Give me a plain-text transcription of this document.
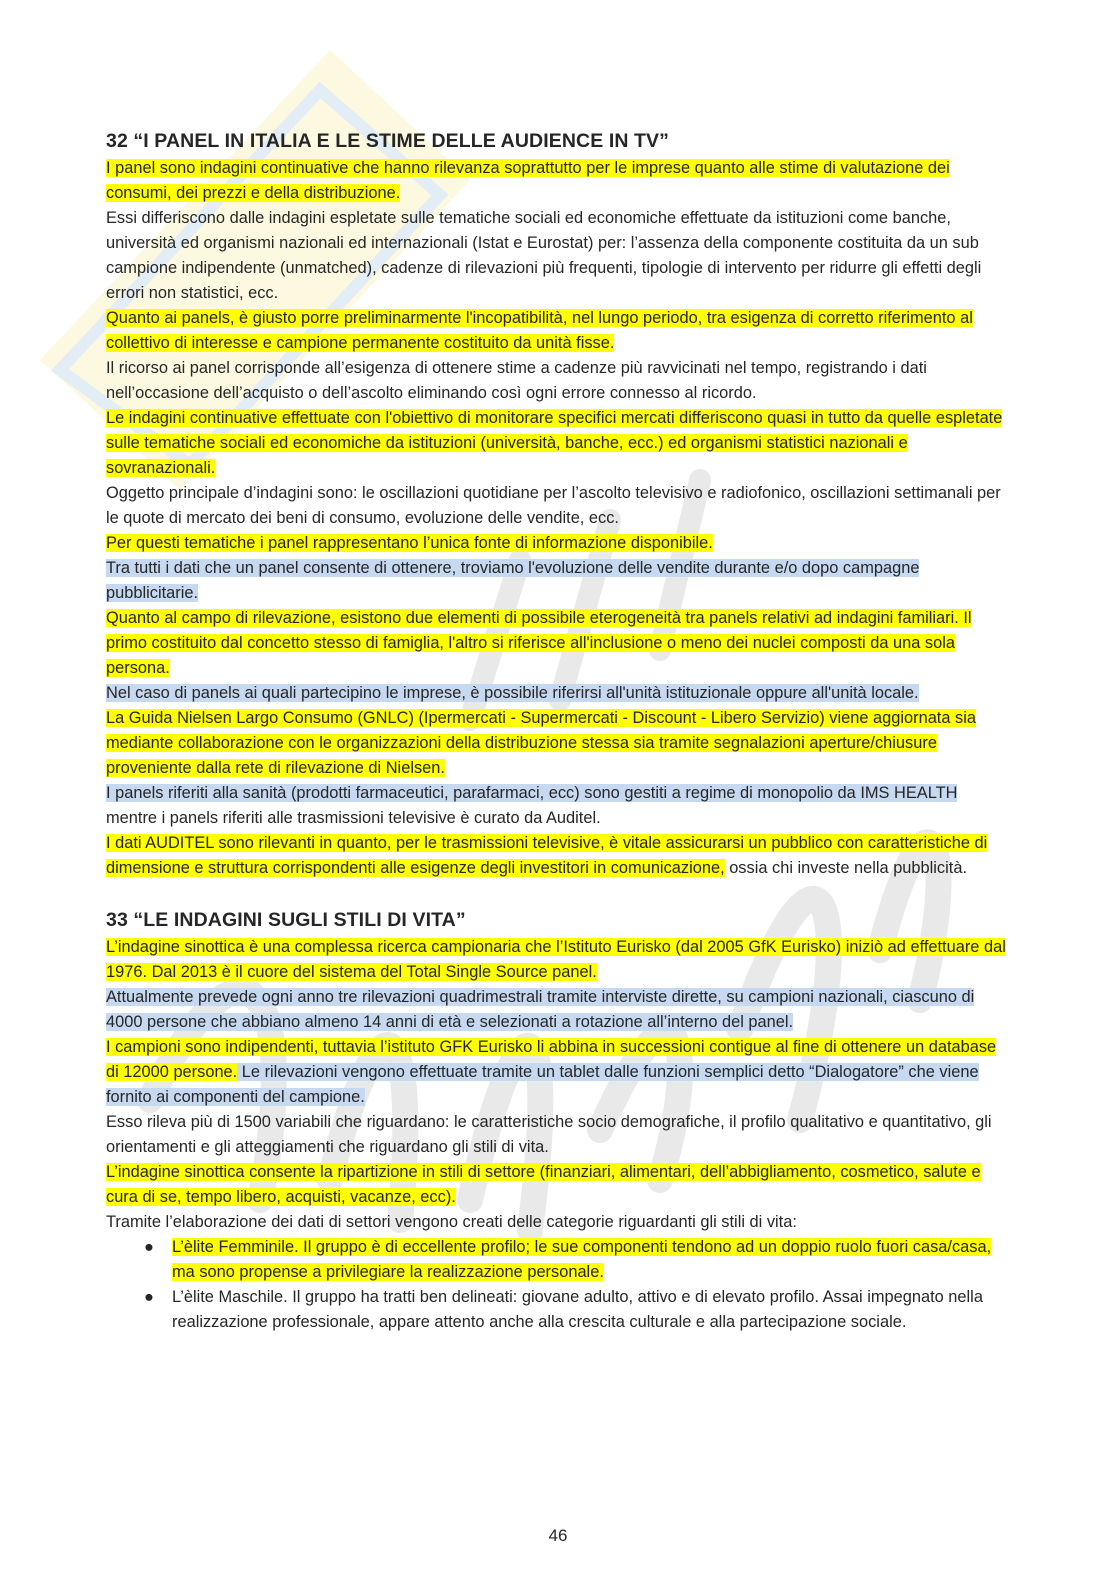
32 “I PANEL IN ITALIA E LE STIME DELLE AUDIENCE IN TV”

I panel sono indagini continuative che hanno rilevanza soprattutto per le imprese quanto alle stime di valutazione dei consumi, dei prezzi e della distribuzione.

Essi differiscono dalle indagini espletate sulle tematiche sociali ed economiche effettuate da istituzioni come banche, università ed organismi nazionali ed internazionali (Istat e Eurostat) per: l’assenza della componente costituita da un sub campione indipendente (unmatched), cadenze di rilevazioni più frequenti, tipologie di intervento per ridurre gli effetti degli errori non statistici, ecc.

Quanto ai panels, è giusto porre preliminarmente l'incopatibilità, nel lungo periodo, tra esigenza di corretto riferimento al collettivo di interesse e campione permanente costituito da unità fisse.

Il ricorso ai panel corrisponde all’esigenza di ottenere stime a cadenze più ravvicinati nel tempo, registrando i dati nell’occasione dell’acquisto o dell’ascolto eliminando così ogni errore connesso al ricordo.

Le indagini continuative effettuate con l'obiettivo di monitorare specifici mercati differiscono quasi in tutto da quelle espletate sulle tematiche sociali ed economiche da istituzioni (università, banche, ecc.) ed organismi statistici nazionali e sovranazionali.

Oggetto principale d’indagini sono: le oscillazioni quotidiane per l’ascolto televisivo e radiofonico, oscillazioni settimanali per le quote di mercato dei beni di consumo, evoluzione delle vendite, ecc.

Per questi tematiche i panel rappresentano l’unica fonte di informazione disponibile.

Tra tutti i dati che un panel consente di ottenere, troviamo l'evoluzione delle vendite durante e/o dopo campagne pubblicitarie.

Quanto al campo di rilevazione, esistono due elementi di possibile eterogeneità tra panels relativi ad indagini familiari. Il primo costituito dal concetto stesso di famiglia, l'altro si riferisce all'inclusione o meno dei nuclei composti da una sola persona.

Nel caso di panels ai quali partecipino le imprese, è possibile riferirsi all'unità istituzionale oppure all'unità locale.

La Guida Nielsen Largo Consumo (GNLC) (Ipermercati - Supermercati - Discount - Libero Servizio) viene aggiornata sia mediante collaborazione con le organizzazioni della distribuzione stessa sia tramite segnalazioni aperture/chiusure proveniente dalla rete di rilevazione di Nielsen.

I panels riferiti alla sanità (prodotti farmaceutici, parafarmaci, ecc) sono gestiti a regime di monopolio da IMS HEALTH mentre i panels riferiti alle trasmissioni televisive è curato da Auditel.

I dati AUDITEL sono rilevanti in quanto, per le trasmissioni televisive, è vitale assicurarsi un pubblico con caratteristiche di dimensione e struttura corrispondenti alle esigenze degli investitori in comunicazione, ossia chi investe nella pubblicità.

33 “LE INDAGINI SUGLI STILI DI VITA”

L’indagine sinottica è una complessa ricerca campionaria che l’Istituto Eurisko (dal 2005 GfK Eurisko) iniziò ad effettuare dal 1976. Dal 2013 è il cuore del sistema del Total Single Source panel.

Attualmente prevede ogni anno tre rilevazioni quadrimestrali tramite interviste dirette, su campioni nazionali, ciascuno di 4000 persone che abbiano almeno 14 anni di età e selezionati a rotazione all’interno del panel.

I campioni sono indipendenti, tuttavia l’istituto GFK Eurisko li abbina in successioni contigue al fine di ottenere un database di 12000 persone. Le rilevazioni vengono effettuate tramite un tablet dalle funzioni semplici detto “Dialogatore” che viene fornito ai componenti del campione.

Esso rileva più di 1500 variabili che riguardano: le caratteristiche socio demografiche, il profilo qualitativo e quantitativo, gli orientamenti e gli atteggiamenti che riguardano gli stili di vita.

L’indagine sinottica consente la ripartizione in stili di settore (finanziari, alimentari, dell’abbigliamento, cosmetico, salute e cura di se, tempo libero, acquisti, vacanze, ecc).

Tramite l’elaborazione dei dati di settori vengono creati delle categorie riguardanti gli stili di vita:

● L’èlite Femminile. Il gruppo è di eccellente profilo; le sue componenti tendono ad un doppio ruolo fuori casa/casa, ma sono propense a privilegiare la realizzazione personale.
● L’èlite Maschile. Il gruppo ha tratti ben delineati: giovane adulto, attivo e di elevato profilo. Assai impegnato nella realizzazione professionale, appare attento anche alla crescita culturale e alla partecipazione sociale.
46
